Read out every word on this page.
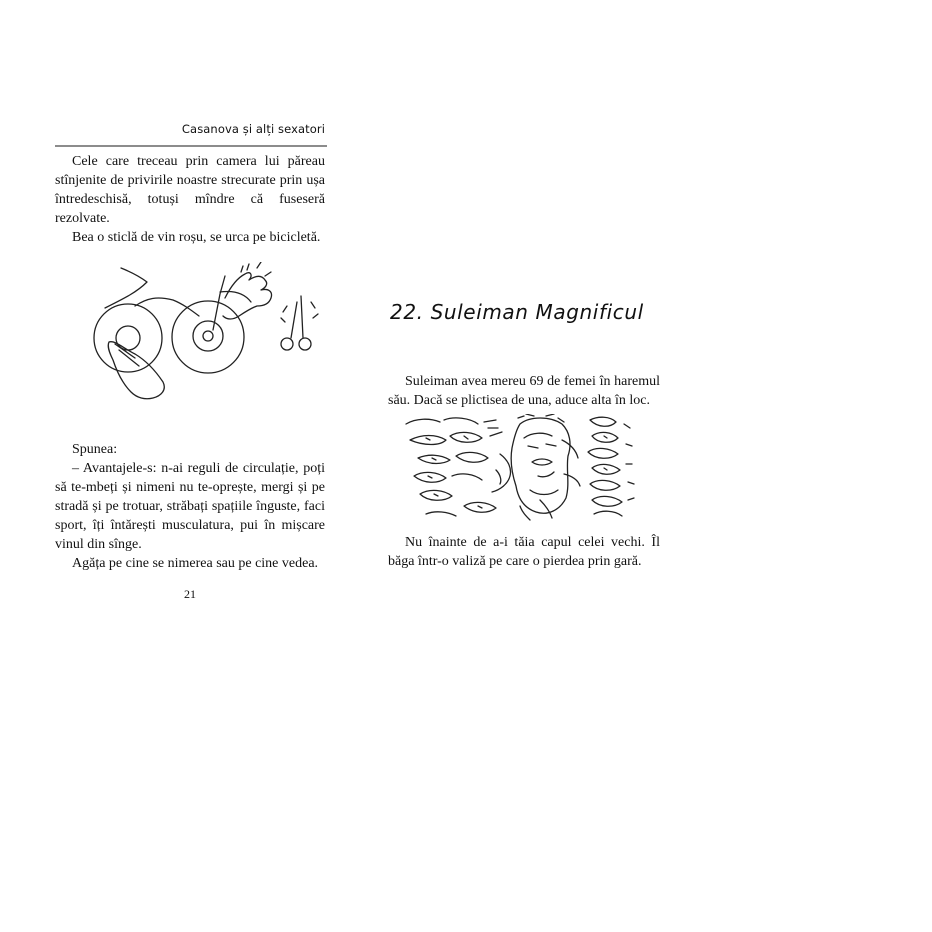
Casanova și alți sexatori

Cele care treceau prin camera lui păreau stînjenite de privirile noastre strecurate prin ușa întredeschisă, totuși mîndre că fuseseră rezolvate.

Bea o sticlă de vin roșu, se urca pe bicicletă.

Spunea:

– Avantajele-s: n-ai reguli de circulație, poți să te-mbeți și nimeni nu te-oprește, mergi și pe stradă și pe trotuar, străbați spațiile înguste, faci sport, îți întărești musculatura, pui în mișcare vinul din sînge.

Agăța pe cine se nimerea sau pe cine vedea.

21
22. Suleiman Magnificul

Suleiman avea mereu 69 de femei în haremul său. Dacă se plictisea de una, aduce alta în loc.

Nu înainte de a-i tăia capul celei vechi. Îl băga într-o valiză pe care o pierdea prin gară.
